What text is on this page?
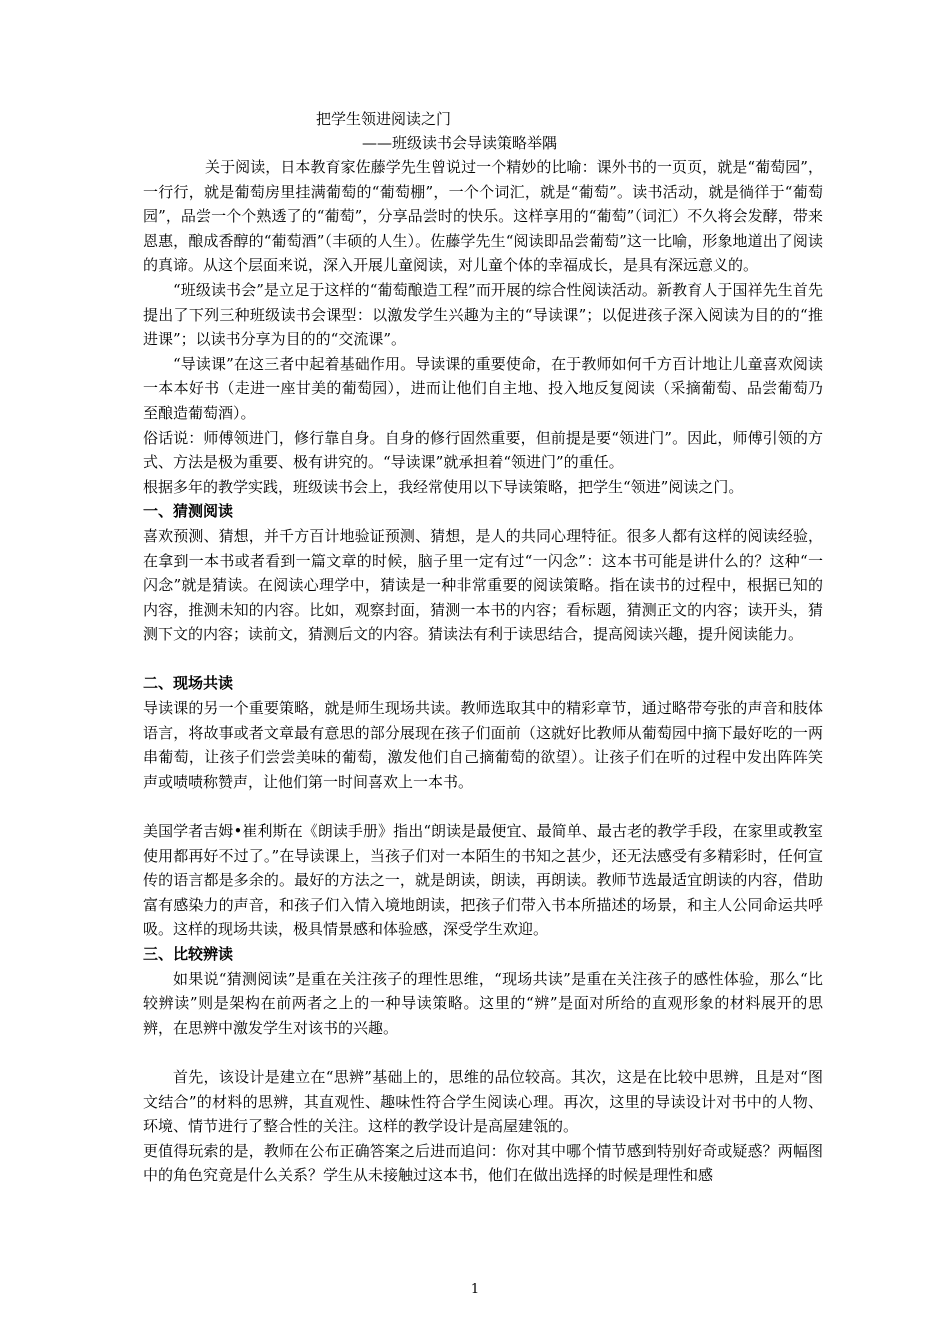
把学生领进阅读之门
——班级读书会导读策略举隅

关于阅读，日本教育家佐藤学先生曾说过一个精妙的比喻：课外书的一页页，就是“葡萄园”，一行行，就是葡萄房里挂满葡萄的“葡萄棚”，一个个词汇，就是“葡萄”。读书活动，就是徜徉于“葡萄园”，品尝一个个熟透了的“葡萄”，分享品尝时的快乐。这样享用的“葡萄”（词汇）不久将会发酵，带来恩惠，酿成香醇的“葡萄酒”（丰硕的人生）。佐藤学先生“阅读即品尝葡萄”这一比喻，形象地道出了阅读的真谛。从这个层面来说，深入开展儿童阅读，对儿童个体的幸福成长，是具有深远意义的。

“班级读书会”是立足于这样的“葡萄酿造工程”而开展的综合性阅读活动。新教育人于国祥先生首先提出了下列三种班级读书会课型：以激发学生兴趣为主的“导读课”；以促进孩子深入阅读为目的的“推进课”；以读书分享为目的的“交流课”。

“导读课”在这三者中起着基础作用。导读课的重要使命，在于教师如何千方百计地让儿童喜欢阅读一本本好书（走进一座甘美的葡萄园），进而让他们自主地、投入地反复阅读（采摘葡萄、品尝葡萄乃至酿造葡萄酒）。

俗话说：师傅领进门，修行靠自身。自身的修行固然重要，但前提是要“领进门”。因此，师傅引领的方式、方法是极为重要、极有讲究的。“导读课”就承担着“领进门”的重任。

根据多年的教学实践，班级读书会上，我经常使用以下导读策略，把学生“领进”阅读之门。

一、猜测阅读

喜欢预测、猜想，并千方百计地验证预测、猜想，是人的共同心理特征。很多人都有这样的阅读经验，在拿到一本书或者看到一篇文章的时候，脑子里一定有过“一闪念”：这本书可能是讲什么的？这种“一闪念”就是猜读。在阅读心理学中，猜读是一种非常重要的阅读策略。指在读书的过程中，根据已知的内容，推测未知的内容。比如，观察封面，猜测一本书的内容；看标题，猜测正文的内容；读开头，猜测下文的内容；读前文，猜测后文的内容。猜读法有利于读思结合，提高阅读兴趣，提升阅读能力。

二、现场共读

导读课的另一个重要策略，就是师生现场共读。教师选取其中的精彩章节，通过略带夸张的声音和肢体语言，将故事或者文章最有意思的部分展现在孩子们面前（这就好比教师从葡萄园中摘下最好吃的一两串葡萄，让孩子们尝尝美味的葡萄，激发他们自己摘葡萄的欲望）。让孩子们在听的过程中发出阵阵笑声或啧啧称赞声，让他们第一时间喜欢上一本书。

美国学者吉姆•崔利斯在《朗读手册》指出“朗读是最便宜、最简单、最古老的教学手段，在家里或教室使用都再好不过了。”在导读课上，当孩子们对一本陌生的书知之甚少，还无法感受有多精彩时，任何宣传的语言都是多余的。最好的方法之一，就是朗读，朗读，再朗读。教师节选最适宜朗读的内容，借助富有感染力的声音，和孩子们入情入境地朗读，把孩子们带入书本所描述的场景，和主人公同命运共呼吸。这样的现场共读，极具情景感和体验感，深受学生欢迎。

三、比较辨读

如果说“猜测阅读”是重在关注孩子的理性思维，“现场共读”是重在关注孩子的感性体验，那么“比较辨读”则是架构在前两者之上的一种导读策略。这里的“辨”是面对所给的直观形象的材料展开的思辨，在思辨中激发学生对该书的兴趣。

首先，该设计是建立在“思辨”基础上的，思维的品位较高。其次，这是在比较中思辨，且是对“图文结合”的材料的思辨，其直观性、趣味性符合学生阅读心理。再次，这里的导读设计对书中的人物、环境、情节进行了整合性的关注。这样的教学设计是高屋建瓴的。

更值得玩索的是，教师在公布正确答案之后进而追问：你对其中哪个情节感到特别好奇或疑惑？两幅图中的角色究竟是什么关系？学生从未接触过这本书，他们在做出选择的时候是理性和感

1
